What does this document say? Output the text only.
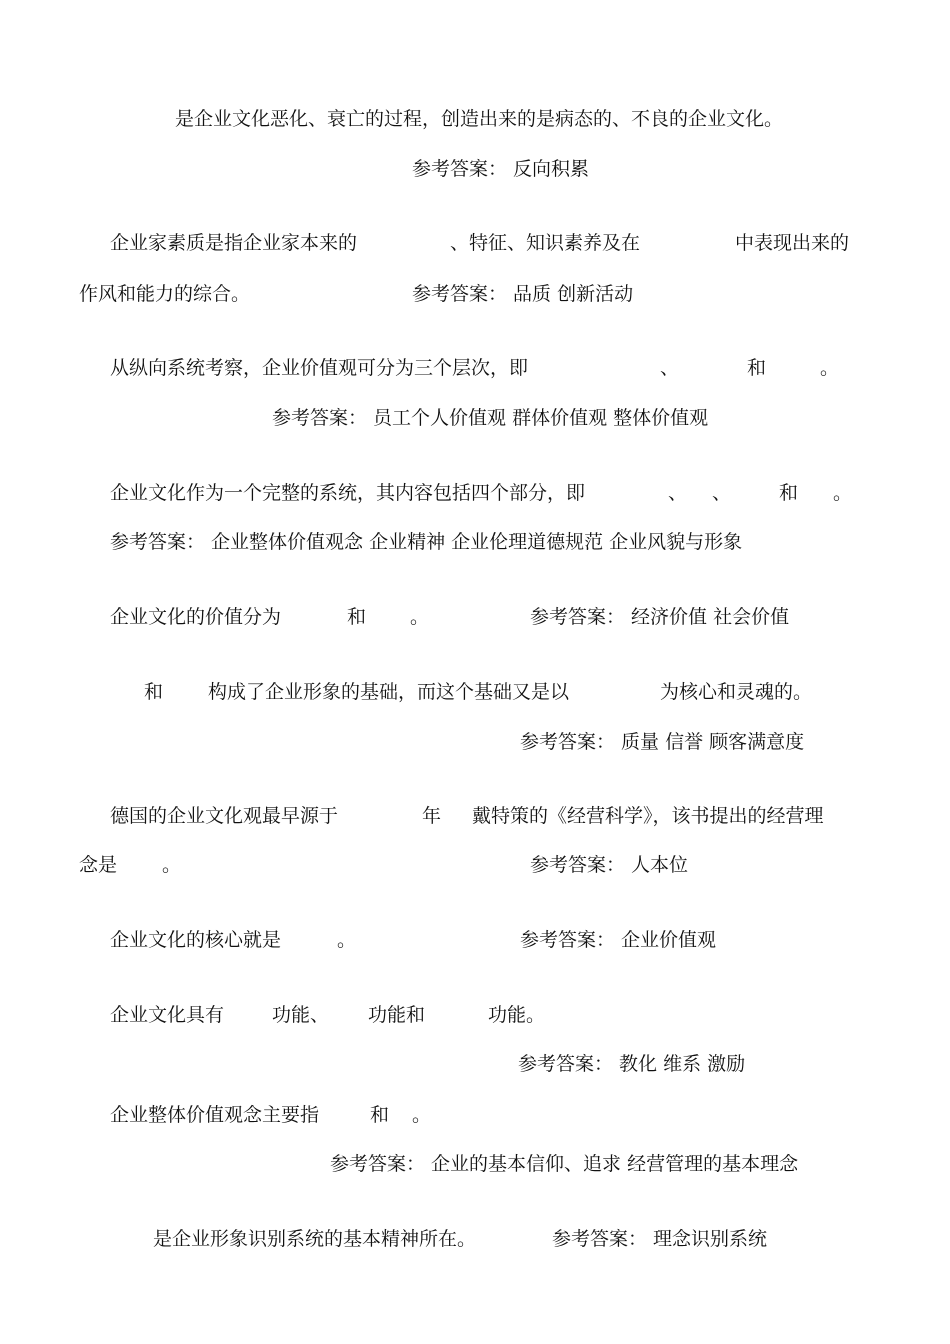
是企业文化恶化、衰亡的过程，创造出来的是病态的、不良的企业文化。
参考答案： 反向积累
企业家素质是指企业家本来的	、特征、知识素养及在	中表现出来的
作风和能力的综合。	参考答案： 品质 创新活动
从纵向系统考察，企业价值观可分为三个层次，即	、	和	。
参考答案： 员工个人价值观 群体价值观 整体价值观
企业文化作为一个完整的系统，其内容包括四个部分，即	、 、	和 。
参考答案： 企业整体价值观念 企业精神 企业伦理道德规范 企业风貌与形象
企业文化的价值分为	和 。	参考答案： 经济价值 社会价值
和 构成了企业形象的基础，而这个基础又是以	为核心和灵魂的。
参考答案： 质量 信誉 顾客满意度
德国的企业文化观最早源于	年 戴特策的《经营科学》，该书提出的经营理
念是 。	参考答案： 人本位
企业文化的核心就是	。	参考答案： 企业价值观
企业文化具有	功能、 功能和	功能。
参考答案： 教化 维系 激励
企业整体价值观念主要指	和 。
参考答案： 企业的基本信仰、追求 经营管理的基本理念
是企业形象识别系统的基本精神所在。	参考答案： 理念识别系统
